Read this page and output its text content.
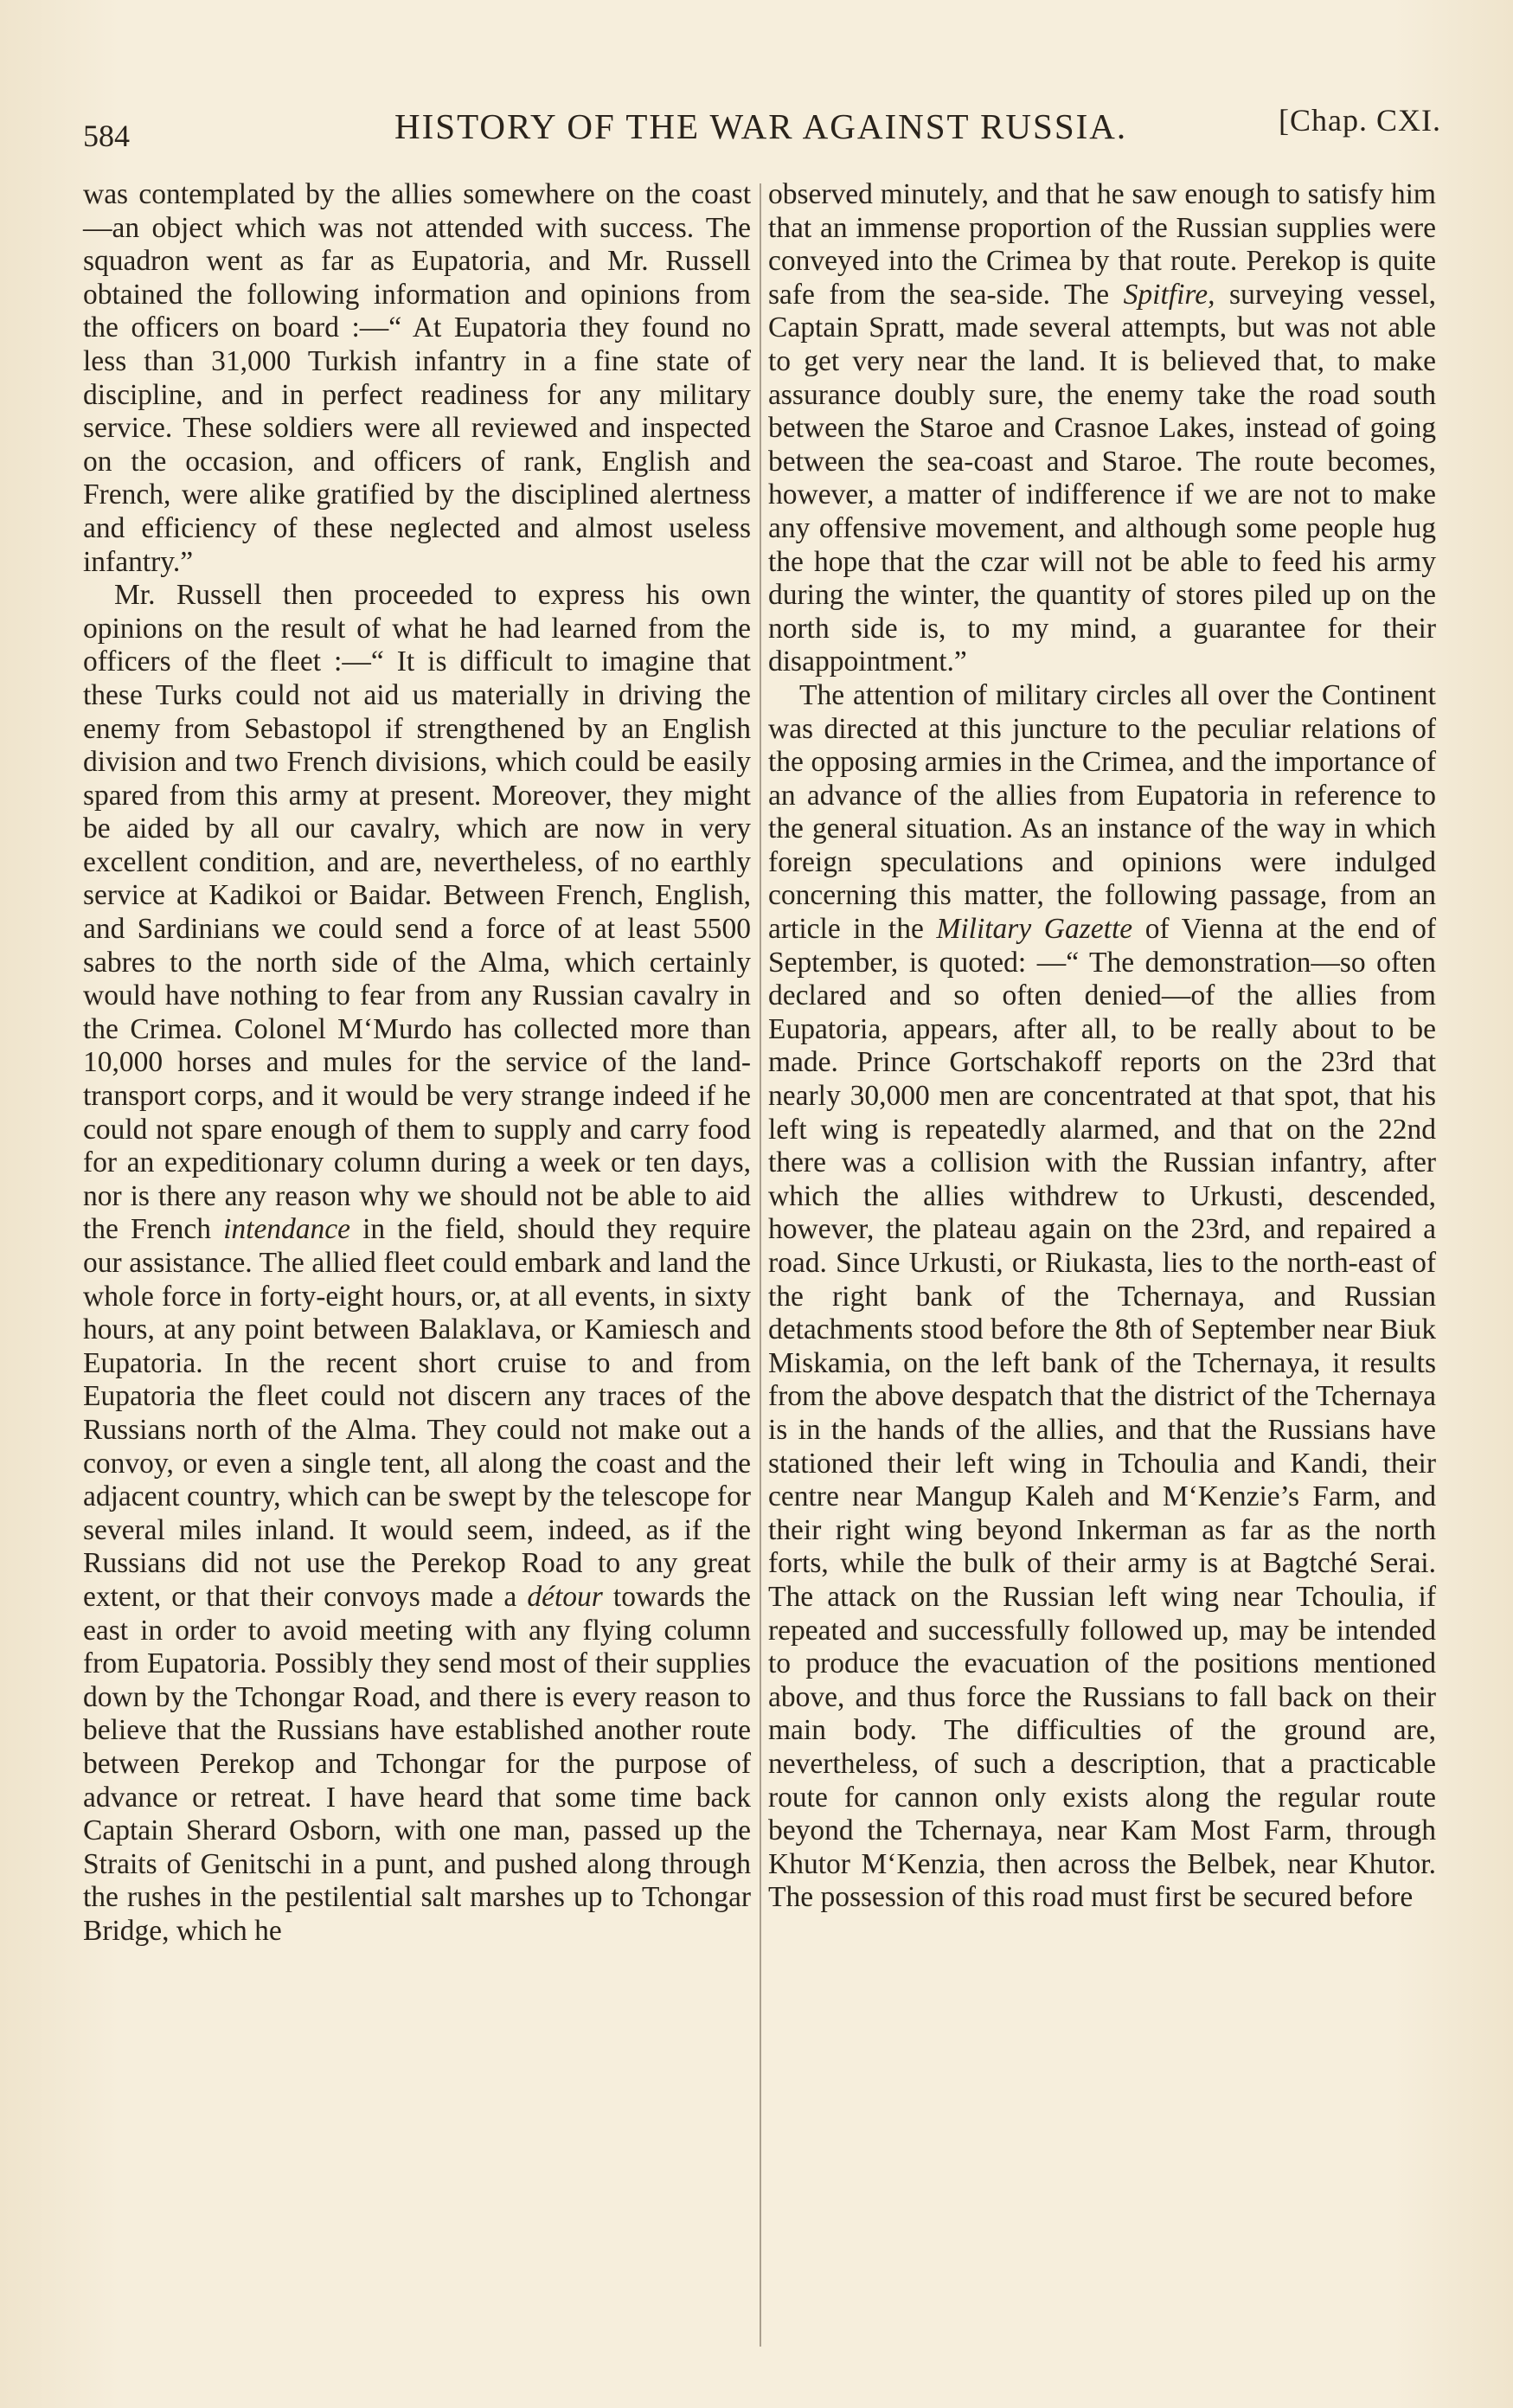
584	HISTORY OF THE WAR AGAINST RUSSIA.	[Chap. CXI.

was contemplated by the allies somewhere on the coast—an object which was not attended with success. The squadron went as far as Eupatoria, and Mr. Russell obtained the following information and opinions from the officers on board :—“ At Eupatoria they found no less than 31,000 Turkish infantry in a fine state of discipline, and in perfect readiness for any military service. These soldiers were all reviewed and inspected on the occasion, and officers of rank, English and French, were alike gratified by the disciplined alertness and efficiency of these neglected and almost useless infantry.”

Mr. Russell then proceeded to express his own opinions on the result of what he had learned from the officers of the fleet :—“ It is difficult to imagine that these Turks could not aid us materially in driving the enemy from Sebastopol if strengthened by an English division and two French divisions, which could be easily spared from this army at present. Moreover, they might be aided by all our cavalry, which are now in very excellent condition, and are, nevertheless, of no earthly service at Kadikoi or Baidar. Between French, English, and Sardinians we could send a force of at least 5500 sabres to the north side of the Alma, which certainly would have nothing to fear from any Russian cavalry in the Crimea. Colonel M‘Murdo has collected more than 10,000 horses and mules for the service of the land-transport corps, and it would be very strange indeed if he could not spare enough of them to supply and carry food for an expeditionary column during a week or ten days, nor is there any reason why we should not be able to aid the French intendance in the field, should they require our assistance. The allied fleet could embark and land the whole force in forty-eight hours, or, at all events, in sixty hours, at any point between Balaklava, or Kamiesch and Eupatoria. In the recent short cruise to and from Eupatoria the fleet could not discern any traces of the Russians north of the Alma. They could not make out a convoy, or even a single tent, all along the coast and the adjacent country, which can be swept by the telescope for several miles inland. It would seem, indeed, as if the Russians did not use the Perekop Road to any great extent, or that their convoys made a détour towards the east in order to avoid meeting with any flying column from Eupatoria. Possibly they send most of their supplies down by the Tchongar Road, and there is every reason to believe that the Russians have established another route between Perekop and Tchongar for the purpose of advance or retreat. I have heard that some time back Captain Sherard Osborn, with one man, passed up the Straits of Genitschi in a punt, and pushed along through the rushes in the pestilential salt marshes up to Tchongar Bridge, which he

observed minutely, and that he saw enough to satisfy him that an immense proportion of the Russian supplies were conveyed into the Crimea by that route. Perekop is quite safe from the sea-side. The Spitfire, surveying vessel, Captain Spratt, made several attempts, but was not able to get very near the land. It is believed that, to make assurance doubly sure, the enemy take the road south between the Staroe and Crasnoe Lakes, instead of going between the sea-coast and Staroe. The route becomes, however, a matter of indifference if we are not to make any offensive movement, and although some people hug the hope that the czar will not be able to feed his army during the winter, the quantity of stores piled up on the north side is, to my mind, a guarantee for their disappointment.”

The attention of military circles all over the Continent was directed at this juncture to the peculiar relations of the opposing armies in the Crimea, and the importance of an advance of the allies from Eupatoria in reference to the general situation. As an instance of the way in which foreign speculations and opinions were indulged concerning this matter, the following passage, from an article in the Military Gazette of Vienna at the end of September, is quoted: —“ The demonstration—so often declared and so often denied—of the allies from Eupatoria, appears, after all, to be really about to be made. Prince Gortschakoff reports on the 23rd that nearly 30,000 men are concentrated at that spot, that his left wing is repeatedly alarmed, and that on the 22nd there was a collision with the Russian infantry, after which the allies withdrew to Urkusti, descended, however, the plateau again on the 23rd, and repaired a road. Since Urkusti, or Riukasta, lies to the north-east of the right bank of the Tchernaya, and Russian detachments stood before the 8th of September near Biuk Miskamia, on the left bank of the Tchernaya, it results from the above despatch that the district of the Tchernaya is in the hands of the allies, and that the Russians have stationed their left wing in Tchoulia and Kandi, their centre near Mangup Kaleh and M‘Kenzie’s Farm, and their right wing beyond Inkerman as far as the north forts, while the bulk of their army is at Bagtché Serai. The attack on the Russian left wing near Tchoulia, if repeated and successfully followed up, may be intended to produce the evacuation of the positions mentioned above, and thus force the Russians to fall back on their main body. The difficulties of the ground are, nevertheless, of such a description, that a practicable route for cannon only exists along the regular route beyond the Tchernaya, near Kam Most Farm, through Khutor M‘Kenzia, then across the Belbek, near Khutor. The possession of this road must first be secured before
